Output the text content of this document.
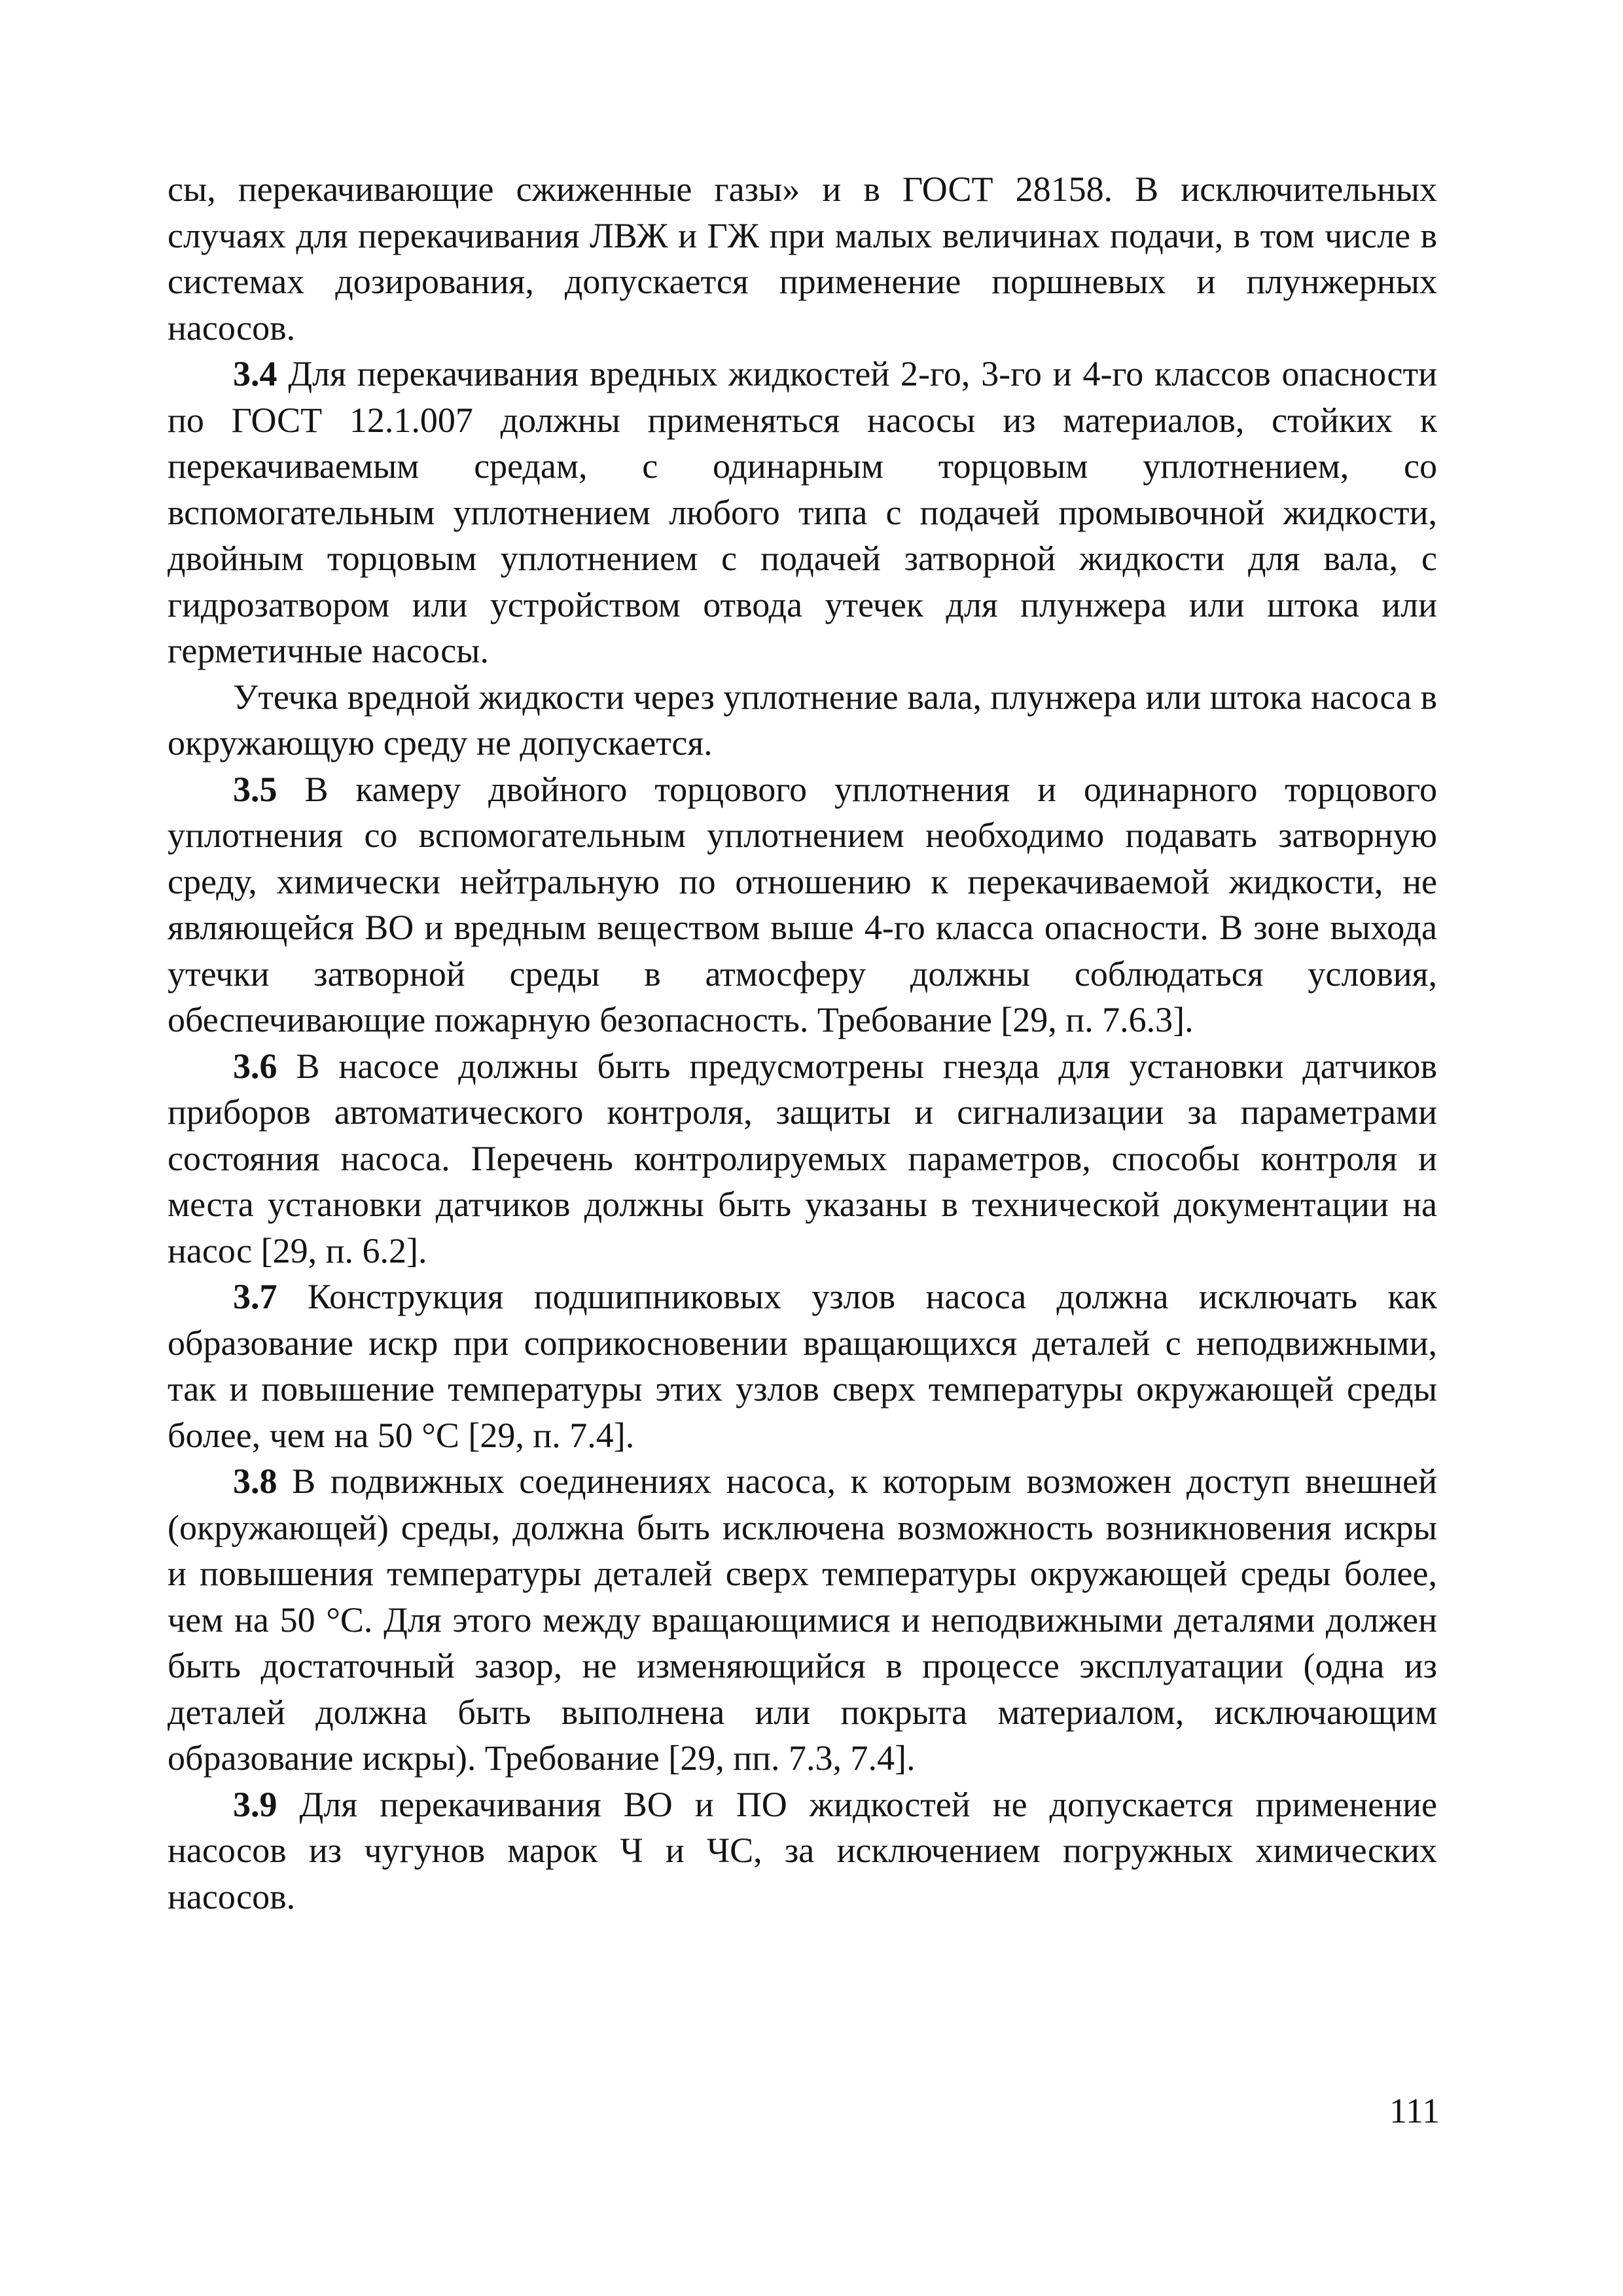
сы, перекачивающие сжиженные газы» и в ГОСТ 28158. В исключительных случаях для перекачивания ЛВЖ и ГЖ при малых величинах подачи, в том числе в системах дозирования, допускается применение поршневых и плунжерных насосов.

3.4 Для перекачивания вредных жидкостей 2-го, 3-го и 4-го классов опасности по ГОСТ 12.1.007 должны применяться насосы из материалов, стойких к перекачиваемым средам, с одинарным торцовым уплотнением, со вспомогательным уплотнением любого типа с подачей промывочной жидкости, двойным торцовым уплотнением с подачей затворной жидкости для вала, с гидрозатвором или устройством отвода утечек для плунжера или штока или герметичные насосы.

Утечка вредной жидкости через уплотнение вала, плунжера или штока насоса в окружающую среду не допускается.

3.5 В камеру двойного торцового уплотнения и одинарного торцового уплотнения со вспомогательным уплотнением необходимо подавать затворную среду, химически нейтральную по отношению к перекачиваемой жидкости, не являющейся ВО и вредным веществом выше 4-го класса опасности. В зоне выхода утечки затворной среды в атмосферу должны соблюдаться условия, обеспечивающие пожарную безопасность. Требование [29, п. 7.6.3].

3.6 В насосе должны быть предусмотрены гнезда для установки датчиков приборов автоматического контроля, защиты и сигнализации за параметрами состояния насоса. Перечень контролируемых параметров, способы контроля и места установки датчиков должны быть указаны в технической документации на насос [29, п. 6.2].

3.7 Конструкция подшипниковых узлов насоса должна исключать как образование искр при соприкосновении вращающихся деталей с неподвижными, так и повышение температуры этих узлов сверх температуры окружающей среды более, чем на 50 °С [29, п. 7.4].

3.8 В подвижных соединениях насоса, к которым возможен доступ внешней (окружающей) среды, должна быть исключена возможность возникновения искры и повышения температуры деталей сверх температуры окружающей среды более, чем на 50 °С. Для этого между вращающимися и неподвижными деталями должен быть достаточный зазор, не изменяющийся в процессе эксплуатации (одна из деталей должна быть выполнена или покрыта материалом, исключающим образование искры). Требование [29, пп. 7.3, 7.4].

3.9 Для перекачивания ВО и ПО жидкостей не допускается применение насосов из чугунов марок Ч и ЧС, за исключением погружных химических насосов.

111
